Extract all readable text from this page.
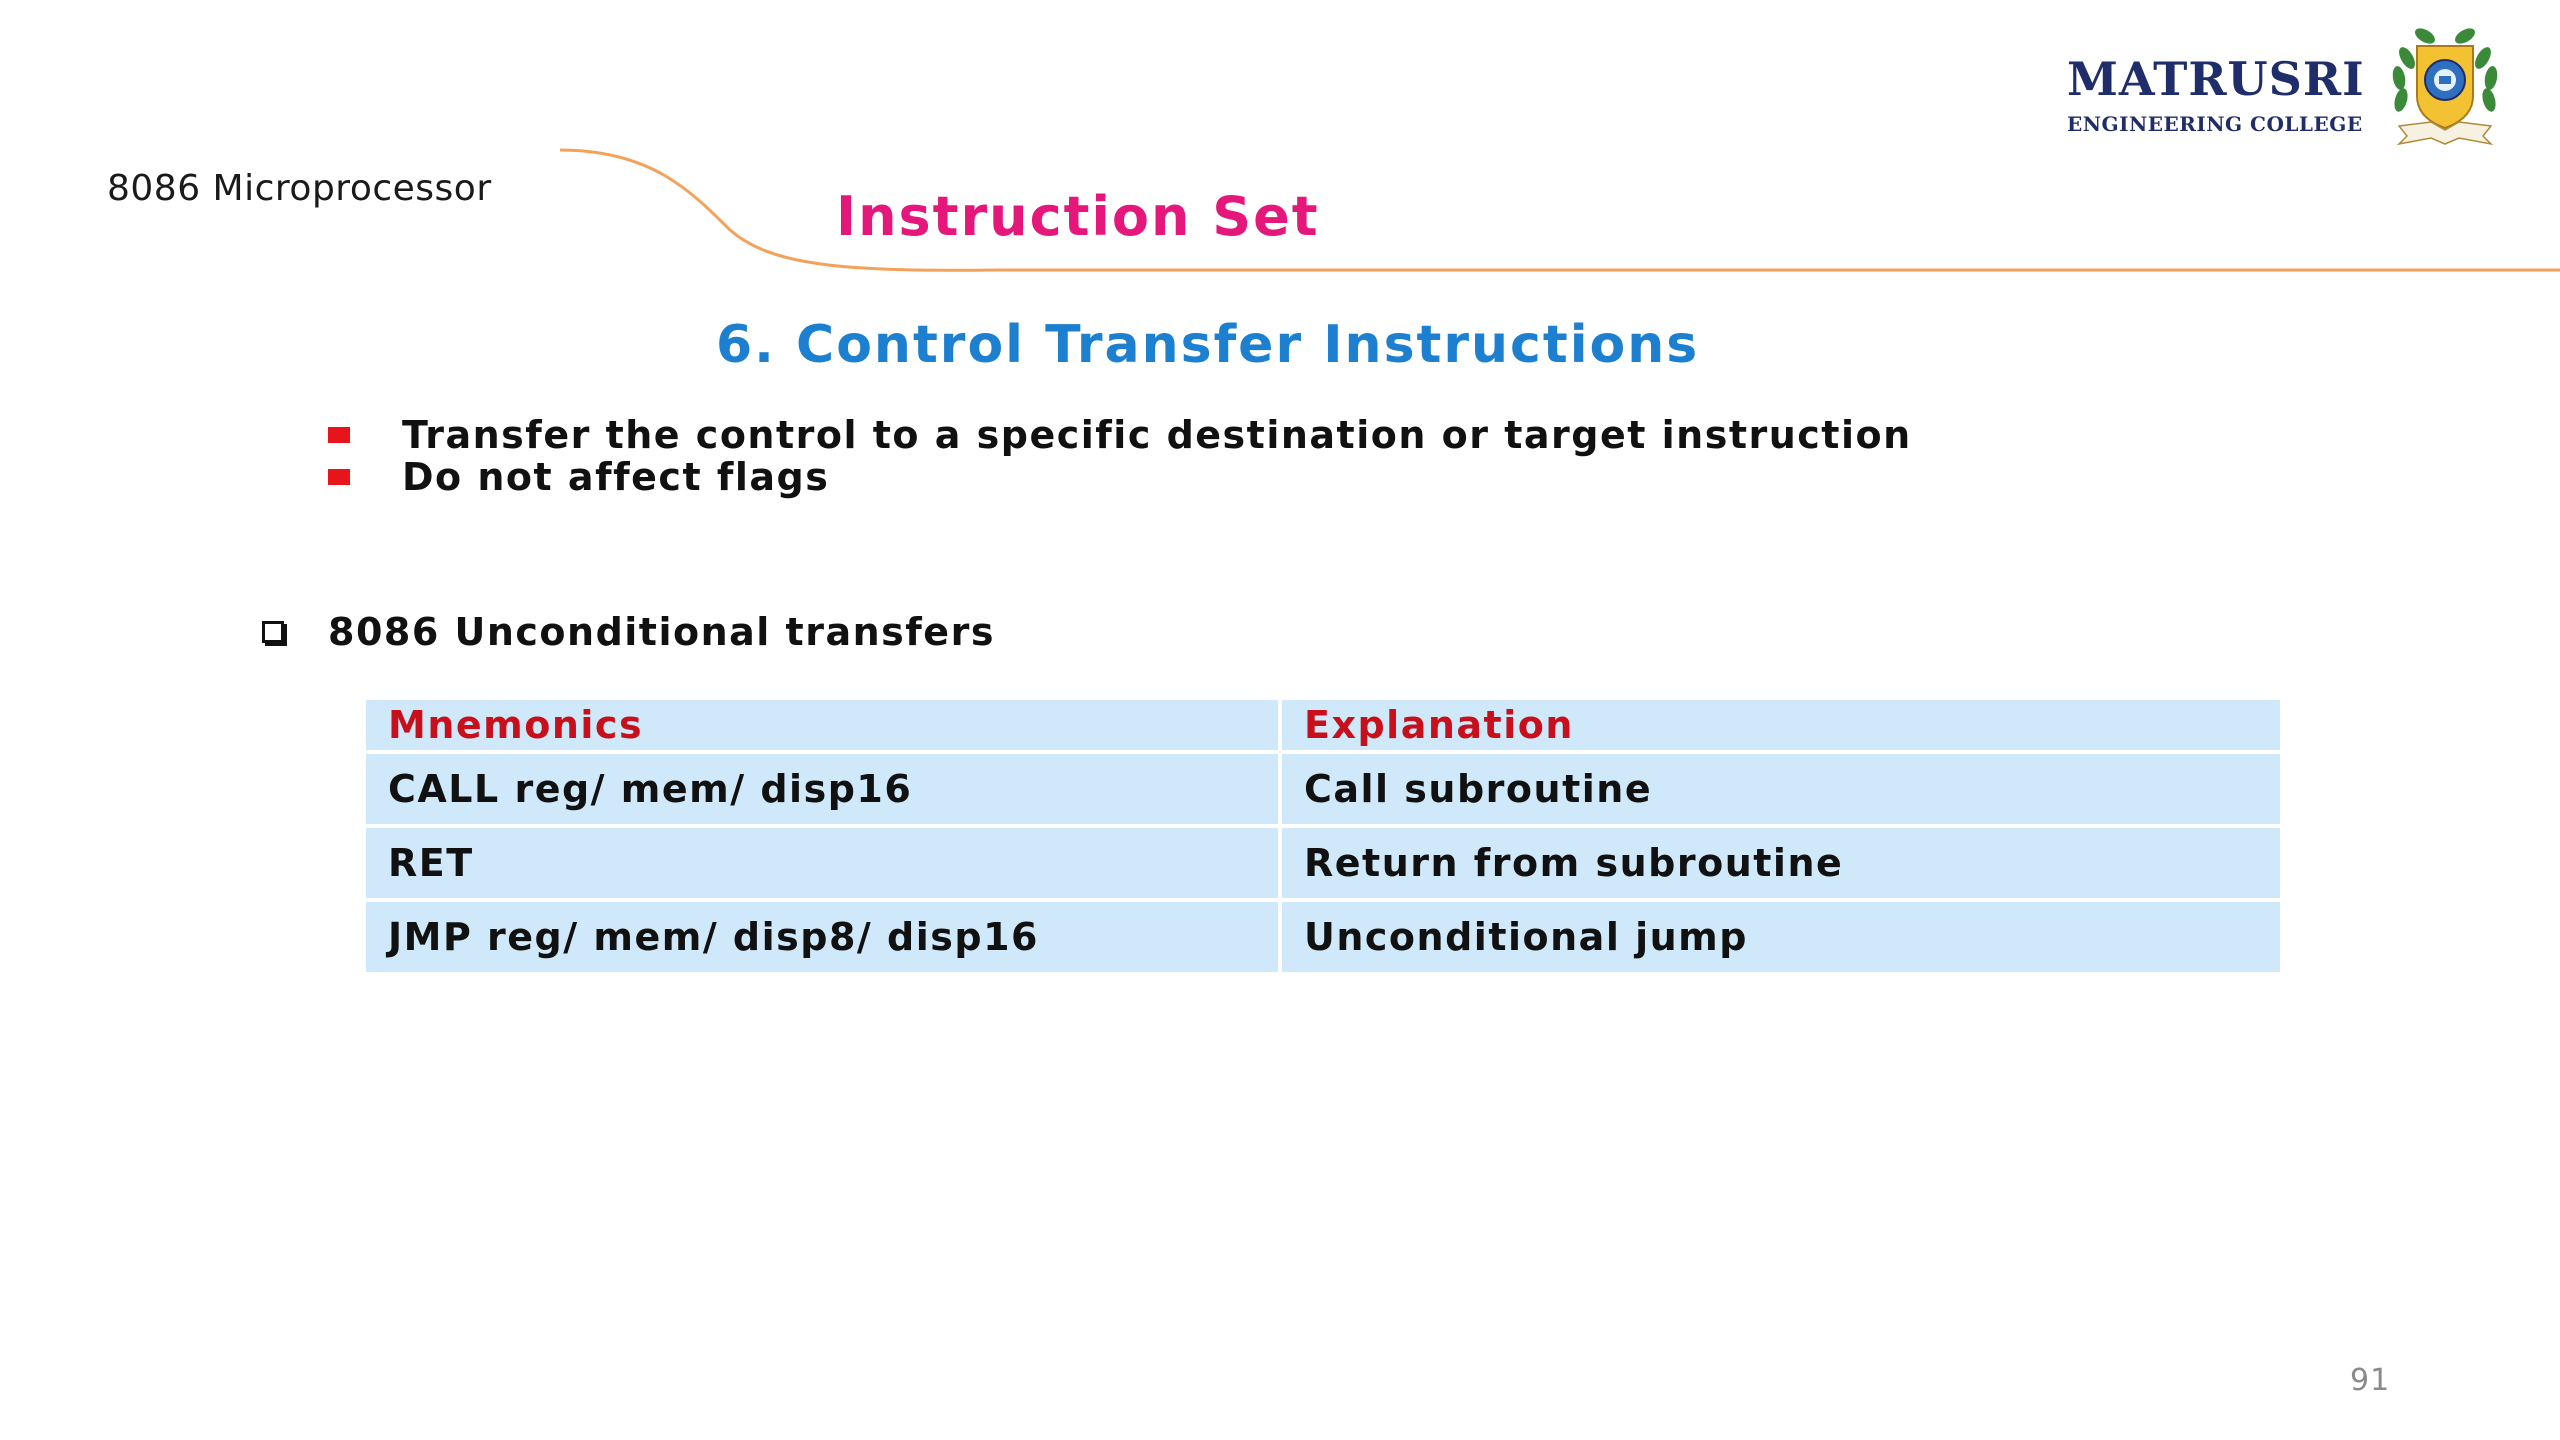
8086 Microprocessor	Instruction Set
MATRUSRI
ENGINEERING COLLEGE
6. Control Transfer Instructions
Transfer the control to a specific destination or target instruction
Do not affect flags
8086 Unconditional transfers
Mnemonics	Explanation
CALL reg/ mem/ disp16	Call subroutine
RET	Return from subroutine
JMP reg/ mem/ disp8/ disp16	Unconditional jump
91
